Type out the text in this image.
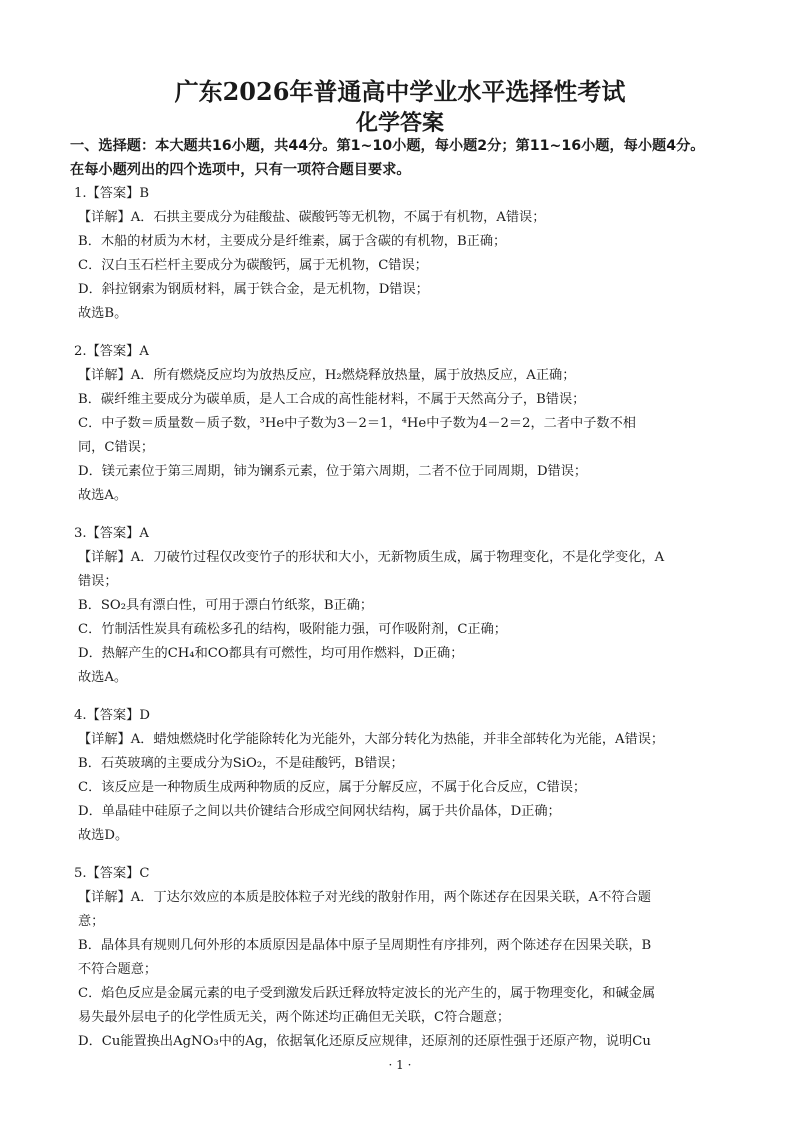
广东2026年普通高中学业水平选择性考试
化学答案
一、选择题：本大题共16小题，共44分。第1~10小题，每小题2分；第11~16小题，每小题4分。
在每小题列出的四个选项中，只有一项符合题目要求。
1.【答案】B
【详解】A．石拱主要成分为硅酸盐、碳酸钙等无机物，不属于有机物，A错误；
B．木船的材质为木材，主要成分是纤维素，属于含碳的有机物，B正确；
C．汉白玉石栏杆主要成分为碳酸钙，属于无机物，C错误；
D．斜拉钢索为钢质材料，属于铁合金，是无机物，D错误；
故选B。
2.【答案】A
【详解】A．所有燃烧反应均为放热反应，H₂燃烧释放热量，属于放热反应，A正确；
B．碳纤维主要成分为碳单质，是人工合成的高性能材料，不属于天然高分子，B错误；
C．中子数＝质量数－质子数，³He中子数为3－2＝1，⁴He中子数为4－2＝2，二者中子数不相
同，C错误；
D．镁元素位于第三周期，铈为镧系元素，位于第六周期，二者不位于同周期，D错误；
故选A。
3.【答案】A
【详解】A．刀破竹过程仅改变竹子的形状和大小，无新物质生成，属于物理变化，不是化学变化，A
错误；
B．SO₂具有漂白性，可用于漂白竹纸浆，B正确；
C．竹制活性炭具有疏松多孔的结构，吸附能力强，可作吸附剂，C正确；
D．热解产生的CH₄和CO都具有可燃性，均可用作燃料，D正确；
故选A。
4.【答案】D
【详解】A．蜡烛燃烧时化学能除转化为光能外，大部分转化为热能，并非全部转化为光能，A错误；
B．石英玻璃的主要成分为SiO₂，不是硅酸钙，B错误；
C．该反应是一种物质生成两种物质的反应，属于分解反应，不属于化合反应，C错误；
D．单晶硅中硅原子之间以共价键结合形成空间网状结构，属于共价晶体，D正确；
故选D。
5.【答案】C
【详解】A．丁达尔效应的本质是胶体粒子对光线的散射作用，两个陈述存在因果关联，A不符合题
意；
B．晶体具有规则几何外形的本质原因是晶体中原子呈周期性有序排列，两个陈述存在因果关联，B
不符合题意；
C．焰色反应是金属元素的电子受到激发后跃迁释放特定波长的光产生的，属于物理变化，和碱金属
易失最外层电子的化学性质无关，两个陈述均正确但无关联，C符合题意；
D．Cu能置换出AgNO₃中的Ag，依据氧化还原反应规律，还原剂的还原性强于还原产物，说明Cu
· 1 ·
